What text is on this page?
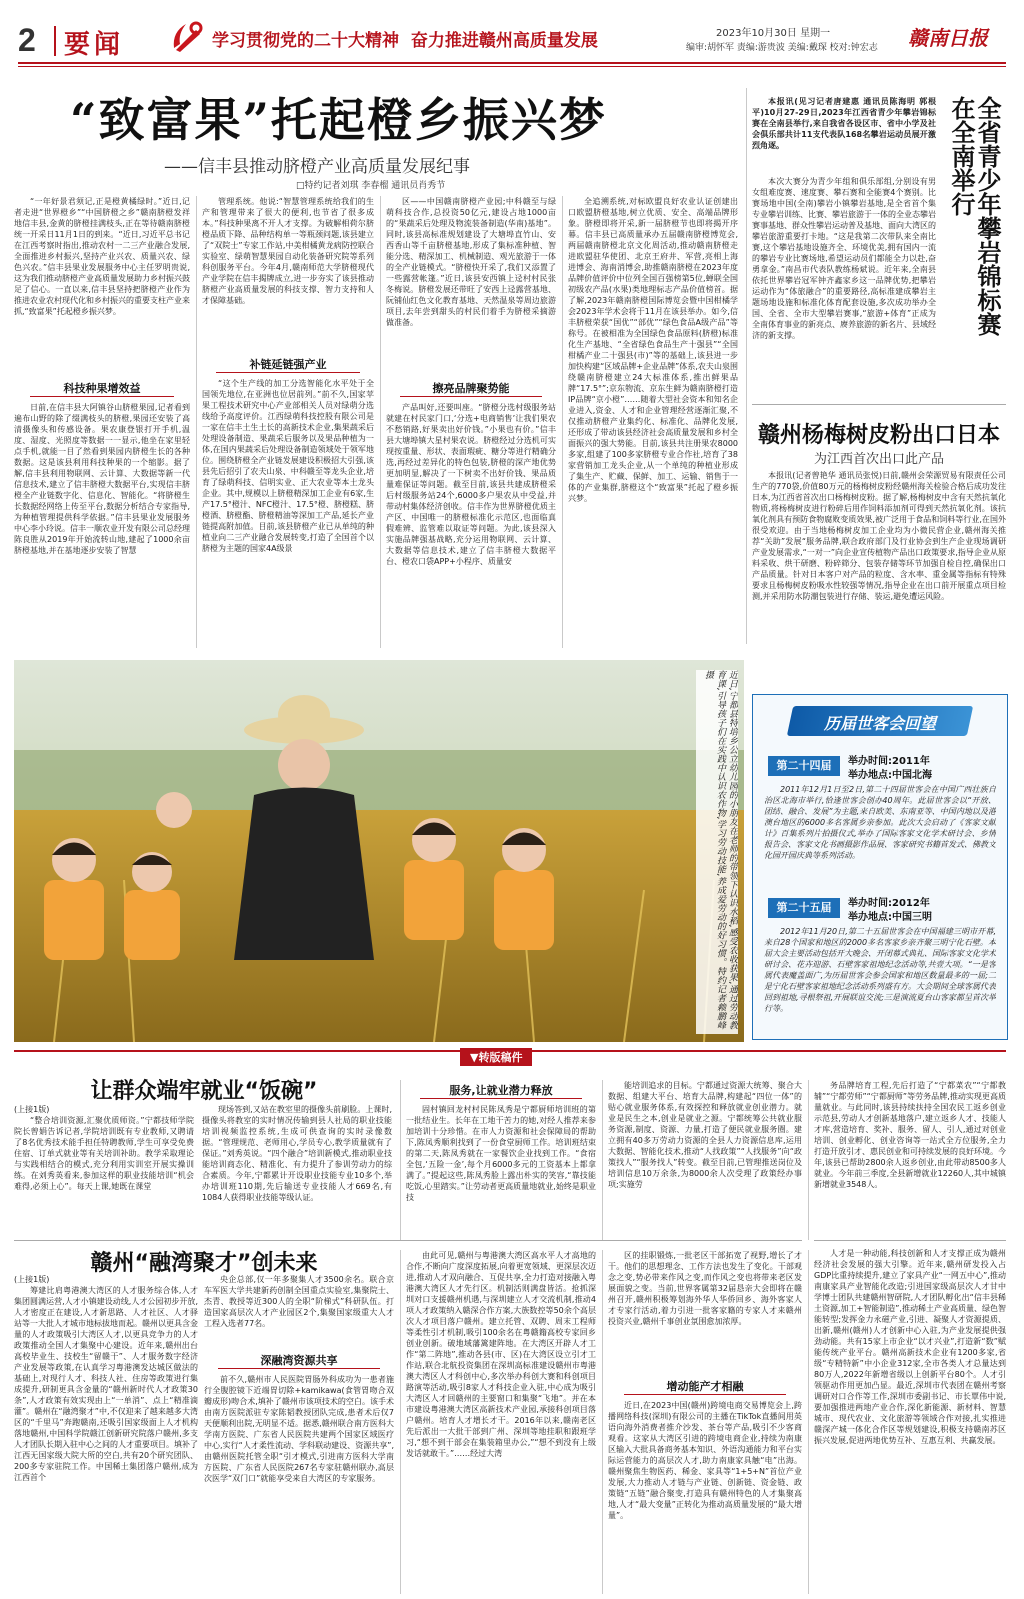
2 要闻	学习贯彻党的二十大精神  奋力推进赣州高质量发展	2023年10月30日 星期一
编审:胡怀军 责编:游贵波 美编:戴琛 校对:钟宏志 赣南日报
“致富果”托起橙乡振兴梦
——信丰县推动脐橙产业高质量发展纪事
□特约记者刘琪 李春榴 通讯员肖秀节

“一年好景君须记,正是橙黄橘绿时。”近日,记者走进“世界橙乡”“中国脐橙之乡”赣南脐橙发祥地信丰县,金黄的脐橙挂满枝头,正在等待赣南脐橙统一开采日11月1日的到来。“近日,习近平总书记在江西考察时指出,推动农村一二三产业融合发展,全面推进乡村振兴,坚持产业兴农、质量兴农、绿色兴农。”信丰县果业发展服务中心主任罗明贵说,这为我们推动脐橙产业高质量发展助力乡村振兴鼓足了信心。一直以来,信丰县坚持把脐橙产业作为推进农业农村现代化和乡村振兴的重要支柱产业来抓,“致富果”托起橙乡振兴梦。

科技种果增效益

日前,在信丰县大阿镇谷山脐橙果园,记者看到遍布山野的除了缀满枝头的脐橙,果园还安装了高清摄像头和传感设备。果农康登银打开手机,温度、湿度、光照度等数据一一显示,他坐在家里轻点手机,就能一目了然看到果园内脐橙生长的各种数据。这是该县利用科技种果的一个缩影。据了解,信丰县利用物联网、云计算、大数据等新一代信息技术,建立了信丰脐橙大数据平台,实现信丰脐橙全产业链数字化、信息化、智能化。“将脐橙生长数据经网络上传至平台,数据分析结合专家指导,为种植管理提供科学依据。”信丰县果业发展服务中心李小玲说。信丰一顺农业开发有限公司总经理陈良胜从2019年开始流转山地,建起了1000余亩脐橙基地,并在基地逐步安装了智慧

管理系统。他说:“智慧管理系统给我们的生产和管理带来了很大的便利,也节省了很多成本。”科技种果离不开人才支撑。为破解相荷尔脐橙品质下降、品种结构单一等瓶颈问题,该县建立了“双院士”专家工作站,中美柑橘黄龙病防控联合实验室、绿萌智慧果园自动化装备研究院等系列科创服务平台。今年4月,赣南师范大学脐橙现代产业学院在信丰揭牌成立,进一步夯实了该县推动脐橙产业高质量发展的科技支撑、智力支持和人才保障基础。

补链延链强产业

“这个生产线的加工分选智能化水平处于全国领先地位,在亚洲也位居前列。”前不久,国家苹果工程技术研究中心产业部相关人员对绿萌分选线给予高度评价。江西绿萌科技控股有限公司是一家在信丰土生土长的高新技术企业,集果蔬采后处理设备制造、果蔬采后服务以及果品种植为一体,在国内果蔬采后处理设备制造领域处于领军地位。围绕脐橙全产业链发展建设积极招大引强,该县先后招引了农夫山泉、中科赣至等龙头企业,培育了绿萌科技、信明实业、正大农业等本土龙头企业。其中,规模以上脐橙精深加工企业有6家,生产17.5°橙汁、NFC橙汁、17.5°橙、脐橙糕、脐橙酒、脐橙酯、脐橙精油等深加工产品,延长产业链提高附加值。目前,该县脐橙产业已从单纯的种植业向二三产业融合发展转变,打造了全国首个以脐橙为主题的国家4A级景

区——中国赣南脐橙产业园;中科赣至与绿萌科技合作,总投资50亿元,建设占地1000亩的“果蔬采后处理及物流装备制造(华南)基地”。同时,该县高标准规划建设了大塘埠直竹山、安西香山等千亩脐橙基地,形成了集标准种植、智能分选、精深加工、机械制造、观光旅游于一体的全产业链模式。“脐橙快开采了,我们又添置了一些露营帐篷。”近日,该县安西镇上迳村村民张冬梅说。脐橙发展还带旺了安西上迳露营基地、阮铺仙红色文化教育基地、天然温泉等周边旅游项目,去年尝到甜头的村民们着手为脐橙采摘游做准备。

擦亮品牌聚势能

产品叫好,还要叫座。“脐橙分选村级服务站就建在村民家门口,‘分选+电商销售’让我们果农不愁销路,好果卖出好价钱。”小果也有价。”信丰县大塘埠镇大星村果农说。脐橙经过分选机可实现按重量、形状、表面瑕疵、糖分等进行精确分选,再经过差异化的特色包装,脐橙的深产地优势更加明显,解决了一下树卖不出好价钱、果品质量难保证等问题。截至目前,该县共建成脐橙采后村级服务站24个,6000多户果农从中受益,并带动村集体经济创收。信丰作为世界脐橙优质主产区、中国唯一的脐橙标准化示范区,也面临真假难辨、监管难以取证等问题。为此,该县深入实施品牌强基战略,充分运用物联网、云计算、大数据等信息技术,建立了信丰脐橙大数据平台、橙农口袋APP+小程序、质量安

全追溯系统,对标欧盟良好农业认证创建出口欧盟脐橙基地,树立优质、安全、高端品牌形象。脐橙即将开采,新一届脐橙节也即将揭开序幕。信丰县已高质量承办五届赣南脐橙博览会,两届赣南脐橙北京文化周活动,推动赣南脐橙走进欧盟驻华使团、北京王府井、军营,亮相上海进博会、海南消博会,助推赣南脐橙在2023年度品牌价值评价中位列全国百强榜第5位,蝉联全国初级农产品(水果)类地理标志产品价值榜首。据了解,2023年赣南脐橙国际博览会暨中国柑橘学会2023年学术会将于11月在该县举办。如今,信丰脐橙荣获“国优”“部优”“绿色食品A级产品”等称号。在被相准为全国绿色食品原料(脐橙)标准化生产基地、“全省绿色食品生产十强县”“全国柑橘产业二十强县(市)”等的基础上,该县进一步加快构建“区域品牌+企业品牌”体系,农夫山泉围绕赣南脐橙建立24大标准体系,推出鲜果品牌“17.5°”;京东物流、京东生鲜为赣南脐橙打造IP品牌“京小橙”……随着大型社会资本和知名企业进入,资金、人才和企业管理经营逐渐汇聚,不仅推动脐橙产业集约化、标准化、品牌化发展,还形成了带动该县经济社会高质量发展和乡村全面振兴的强大势能。目前,该县共注册果农8000多家,组建了100多家脐橙专业合作社,培育了38家营销加工龙头企业,从一个单纯的种植业形成了集生产、贮藏、保鲜、加工、运输、销售于一体的产业集群,脐橙这个“致富果”托起了橙乡振兴梦。

本报讯(见习记者唐建惠 通讯员陈海明 郭根平)10月27-29日,2023年江西省青少年攀岩锦标赛在全南县举行,来自我省各设区市、省中小学及社会俱乐部共计11支代表队168名攀岩运动员展开激烈角逐。	全省青少年攀岩锦标赛在全南举行

本次大赛分为青少年组和俱乐部组,分别设有男女组难度赛、速度赛、攀石赛和全能赛4个赛别。比赛场地中国(全南)攀岩小镇攀岩基地,是全省首个集专业攀岩训练、比赛、攀岩旅游于一体的全业态攀岩赛事基地、群众性攀岩运动普及基地、面向大湾区的攀岩旅游重要打卡地。“这是我第二次带队来全南比赛,这个攀岩基地设施齐全、环境优美,拥有国内一流的攀岩专业比赛场地,希望运动员们都能全力以赴,奋勇拿金。”南昌市代表队教练杨斌说。近年来,全南县依托世界攀岩冠军钟齐鑫家乡这一品牌优势,把攀岩运动作为“体旅融合”的重要路径,高标准建成攀岩主题场地设施和标准化体育配套设施,多次成功举办全国、全省、全市大型攀岩赛事,“旅游+体育”正成为全南体育事业的新亮点、赓养旅游的新名片、县域经济的新支撑。

赣州杨梅树皮粉出口日本
为江西首次出口此产品

本报讯(记者曾艳华 通讯员张悦)日前,赣州会荣源贸易有限责任公司生产的770袋,价值80万元的杨梅树皮粉经赣州海关检验合格后成功发往日本,为江西省首次出口杨梅树皮粉。据了解,杨梅树皮中含有天然抗氧化物质,将杨梅树皮进行粉碎后用作饲料添加剂可得到天然抗氧化剂。该抗氧化剂具有预防食物腐败变质效果,被广泛用于食品和饲料等行业,在国外很受欢迎。由于当地杨梅树皮加工企业均为小微民营企业,赣州海关推荐“关助”发展“服务品牌,联合政府部门及行业协会到生产企业现场调研产业发展需求,“一对一”向企业宣传植物产品出口政策要求,指导企业从原料采收、烘干研磨、粉碎筛分、包装存储等环节加强自检自控,确保出口产品质量。针对日本客户对产品的粒度、含水率、重金属等指标有特殊要求且杨梅树皮粉吸水性较强等情况,指导企业在出口前开展重点项目检测,并采用防水防潮包装进行存储、装运,避免遭运风险。

历届世客会回望
第二十四届	举办时间:2011年
举办地点:中国北海

2011年12月1日至2日,第二十四届世客会在中国广西壮族自治区北海市举行,恰逢世客会创办40周年。此届世客会以“开放、团结、融合、发展”为主题,来自欧美、东南亚等、中国内地以及港澳台地区的6000多名客属乡亲参加。此次大会启动了《客家文献计》百集系列片拍摄仪式,举办了国际客家文化学术研讨会、乡情报告会、客家文化书画摄影作品展、客家研究书籍首发式、佛教文化园开园庆典等系列活动。

第二十五届	举办时间:2012年
举办地点:中国三明

2012年11月20日,第二十五届世客会在中国福建三明市开幕,来自28个国家和地区的2000多名客家乡亲齐聚三明宁化石壁。本届大会主要活动包括开大晚会、开闭幕式典礼、国际客家文化学术研讨会、花卉迎游、石壁客家祖地纪念活动等,共壹大项。“一是客属代表魔盖面广,为历届世客会参会国家和地区数量最多的一届;二是宁化石壁客家祖地纪念活动系列盛有方。大会期间全球客属代表回到祖地,寻根祭祖,开展联谊交流;三是演流夏台山客家都呈首次举行等。

近日,宁都县特培乡公立幼儿园的小朋友在老师的带领下认识水稻,感受农收获果,通过劳动教育课,引导孩子们在实践中认识农作物,学习劳动技能,养成爱劳动的好习惯。特约记者赖鹏峰 摄
▼转版稿件
让群众端牢就业“饭碗”
(上接1版)

“整合培训资源,汇聚优质师资。”宁都技师学院院长曾娟告诉记者,学院培训既有专业教师,又聘请了8名优秀技术能手担任特聘教师,学生可享受免费住宿、订单式就业等有关培训补助。教学采取理论与实践相结合的模式,充分利用实训室开展实操训练。在刘秀英看来,参加这样的职业技能培训“机会难得,必须上心”。每天上课,她既在课堂

现场答到,又站在教室里的摄像头前刷脸。上课时,摄像头将教室的实时情况传输到县人社局的职业技能培训视频监控系统,生成可供查询的实时录像数据。“管理规范、老师用心,学员专心,教学质量就有了保证。”刘秀英说。“四个融合”培训新模式,推动职业技能培训商态化、精准化、有力提升了参训劳动力的综合素质。今年,宁都累计开设职业技能专业10多个,举办培训班110期,先后输送专业技能人才669名,有1084人获得职业技能等级认证。

服务,让就业潜力释放

固村镇回龙村村民陈凤秀是宁都厨师培训班的第一批结业生。长年在工地干苦力的她,对经人推荐来参加培训十分珍惜。在市人力资源和社会保障局的帮助下,陈凤秀顺利找到了一份食堂厨师工作。培训班结束的第二天,陈凤秀就在一家餐饮企业找到工作。“食宿全包,‘五险一金’,每个月6000多元的工资基本上都拿满了。”提起这些,陈凤秀脸上露出朴实的笑容,“靠技能吃饭,心里踏实。”让劳动者更高质量地就业,始终是职业技

能培训追求的目标。宁都通过资源大统筹、聚合大数据、组建大平台、培育大品牌,构建起“四位一体”的贴心就业服务体系,有效探控和释放就业创业潜力。就业是民生之本,创业是就业之源。宁都统筹公共就业服务资源,制度、资源、力量,打造了便民就业服务圈。建立拥有40多万劳动力资源的全县人力资源信息库,运用大数据、智能化技术,推动“人找政策”“人找服务”向“政策找人”“服务找人”转变。截至目前,已管理推送岗位及培训信息10万余条,为8000余人次受理了政策经办事项;实施劳

务品牌培育工程,先后打造了“宁都菜农”“宁都教辅”“宁都劳师”“宁都厨师”等劳务品牌,推动实现更高质量就业。与此同时,该县持续扶持全国农民工返乡创业示范县,劳动人才创新基地落户,建立返乡人才、技能人才库,营造培育、奖补、服务、留人、引人,通过对创业培训、创业孵化、创业咨询等一站式全方位服务,全力打造开放引才、惠民创业和可持续发展的良好环境。今年,该县已帮助2800余人返乡创业,由此带动8500多人就业。今年前三季度,全县新增就业12260人,其中城镇新增就业3548人。

赣州“融湾聚才”创未来
(上接1版)

筹建比肩粤港澳大湾区的人才服务综合体,人才集团圆满运营,人才小镇建设动线,人才公园初步开放,人才密度正在建设,人才新思路、人才社区、人才驿站等一大批人才城市地标拔地而起。赣州以更具含金量的人才政策吸引大湾区人才,以更具竞争力的人才政策推动全国人才集聚中心建设。近年来,赣州出台高校毕业生、技校生“留赣干”、人才服务数字经济产业发展等政策,在认真学习粤港澳发达城区做法的基础上,对现行人才、科技人社、住房等政策进行集成提升,研制更具含金量的“赣州新时代人才政策30条”,人才政策有效实现由上“一单消”、点上“精准滴灌”。赣州在“融湾聚才”中,不仅迎来了越来越多大湾区的“千里马”奔跑赣南,还吸引国家级面上人才机构落地赣州,中国科学院赣江创新研究院落户赣州,多支人才团队长期入驻中心之间的人才重要项目。填补了江西无国家级大院大所的空白,共有20个研究团队、200多专家驻院工作。中国稀土集团落户赣州,成为江西首个

央企总部,仅一年多聚集人才3500余名。联合京车军医大学共建新药创制全国重点实验室,集聚院士、杰青、教授等近300人的全职“阶梯式”科研队伍。打造国家高层次人才产业园区2个,集聚国家级重大人才工程入选者77名。

深融湾资源共享

前不久,赣州市人民医院胃肠外科成功为一患者施行全腹腔镜下近端胃切除+kamikawa(食管胃吻合双瓣成形)吻合术,填补了赣州市该项技术的空白。该手术由南方医院派驻专家陈韬教授团队完成,患者术后仅7天便顺利出院,无明显不适。据悉,赣州联合南方医科大学南方医院、广东省人民医院共建两个国家区域医疗中心,实行“人才柔性流动、学科联动建设、资源共享”,由赣州医院托管全职“引才模式,引进南方医科大学南方医院、广东省人民医院267名专家驻赣州联办,高层次医学“双门口”就能享受来自大湾区的专家服务。

由此可见,赣州与粤港澳大湾区高水平人才高地的合作,不断向广度深度拓展,向着更宽领域、更深层次迈进,推动人才双向融合、互促共享,全力打造对接融入粤港澳大湾区人才先行区。机制活则满盘皆活。抢抓深圳对口支援赣州机遇,与深圳建立人才交流机制,推动4项人才政策纳入赣深合作方案,大族数控等50余个高层次人才项目落户赣州。建立托管、双聘、周末工程师等柔性引才机制,吸引100余名在粤赣籍高校专家回乡创业创新。破地域藩篱建阵地。在大湾区开辟人才工作“第二阵地”,推动各县(市、区)在大湾区设立引才工作站,联合北航投资集团在深圳高标准建设赣州市粤港澳大湾区人才科创中心,多次举办科创大赛和科创项目路演等活动,吸引8家人才科技企业入驻,中心成为吸引大湾区人才回赣州的主要窗口和集聚“飞地”。并在本市建设粤港澳大湾区高新技术产业园,承接科创项目落户赣州。培育人才增长才干。2016年以来,赣南老区先后派出一大批干部到广州、深圳等地挂职和跟班学习,“想不到干部会在集装箱里办公,”“想不到没有上级发话就敢干。”……经过大湾

区的挂职锻炼,一批老区干部拓宽了视野,增长了才干。他们的思想理念、工作方法也发生了变化。干部观念之变,势必带来作风之变,而作风之变也将带来老区发展面貌之变。当前,世界客属第32届恳亲大会即将在赣州召开,赣州积极筹划海外华人华侨回乡、海外客家人才专家行活动,着力引进一批客家籍的专家人才来赣州投资兴业,赣州千事创业氛围愈加浓厚。

增动能产才相融

近日,在2023中国(赣州)跨境电商交易博览会上,跨播网络科技(深圳)有限公司的主播在TikTok直播间用英语向海外消费者推介沙发、茶台等产品,吸引不少客商观看。这家从大湾区引进的跨境电商企业,持续为南康区输入大批具备商务基本知识、外语沟通能力和平台实际运营能力的高层次人才,助力南康家具触“电”出海。赣州聚焦生物医药、稀金、家具等“1+5+N”首位产业发展,大力推动人才链与产业链、创新链、资金链、政策链“五链”融合聚变,打造具有赣州特色的人才集聚高地,人才“最大变量”正转化为推动高质量发展的“最大增量”。

人才是一种动能,科技创新和人才支撑正成为赣州经济社会发展的强大引擎。近年来,赣州研发投入占GDP比重持续提升,建立了家具产业“一网五中心”,推动南康家具产业智能化改造;引进国家级高层次人才甘中学博士团队共建赣州智研院,人才团队孵化出“信丰县稀土资源,加工+智能制造”,推动稀土产业高质量、绿色智能转型;发挥金力永磁产业,引进、凝聚人才资源提质、出新,赣州(赣州)人才创新中心入驻,为产业发展提供强劲动能。共有15家上市企业“以才兴业”,打造新“数”赋能传统产业平台。赣州高新技术企业有1200多家,省级“专精特新”中小企业312家,全市各类人才总量达到80万人,2022年新增省级以上创新平台80个。人才引领驱动作用更加凸显。最近,深圳市代表团在赣州考察调研对口合作等工作,深圳市委副书记、市长覃伟中说,要加强推进两地产业合作,深化新能源、新材料、智慧城市、现代农业、文化旅游等领域合作对接,扎实推进赣深产城一体化合作区等规划建设,积极支持赣南苏区振兴发展,促进两地优势互补、互惠互利、共赢发展。
